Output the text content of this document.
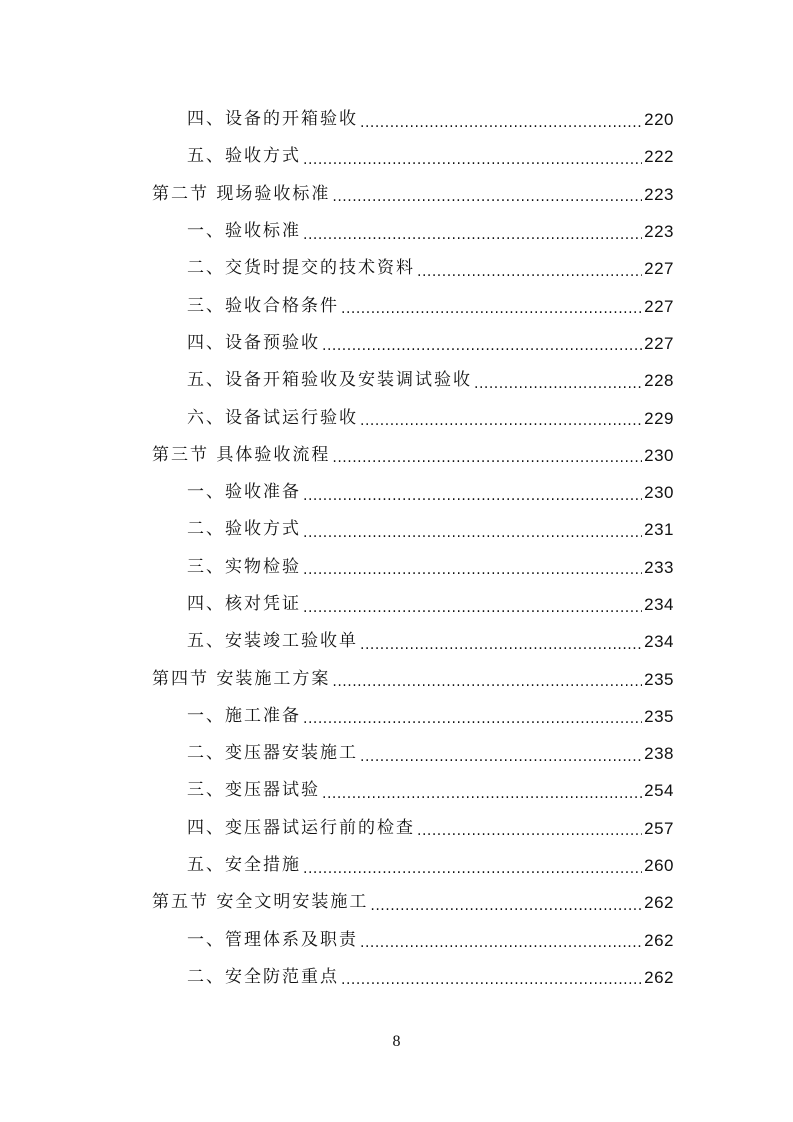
四、设备的开箱验收 .....	220
五、验收方式 .....	222
第二节 现场验收标准 .....	223
一、验收标准 .....	223
二、交货时提交的技术资料 .....	227
三、验收合格条件 .....	227
四、设备预验收 .....	227
五、设备开箱验收及安装调试验收 .....	228
六、设备试运行验收 .....	229
第三节 具体验收流程 .....	230
一、验收准备 .....	230
二、验收方式 .....	231
三、实物检验 .....	233
四、核对凭证 .....	234
五、安装竣工验收单 .....	234
第四节 安装施工方案 .....	235
一、施工准备 .....	235
二、变压器安装施工 .....	238
三、变压器试验 .....	254
四、变压器试运行前的检查 .....	257
五、安全措施 .....	260
第五节 安全文明安装施工 .....	262
一、管理体系及职责 .....	262
二、安全防范重点 .....	262
8
